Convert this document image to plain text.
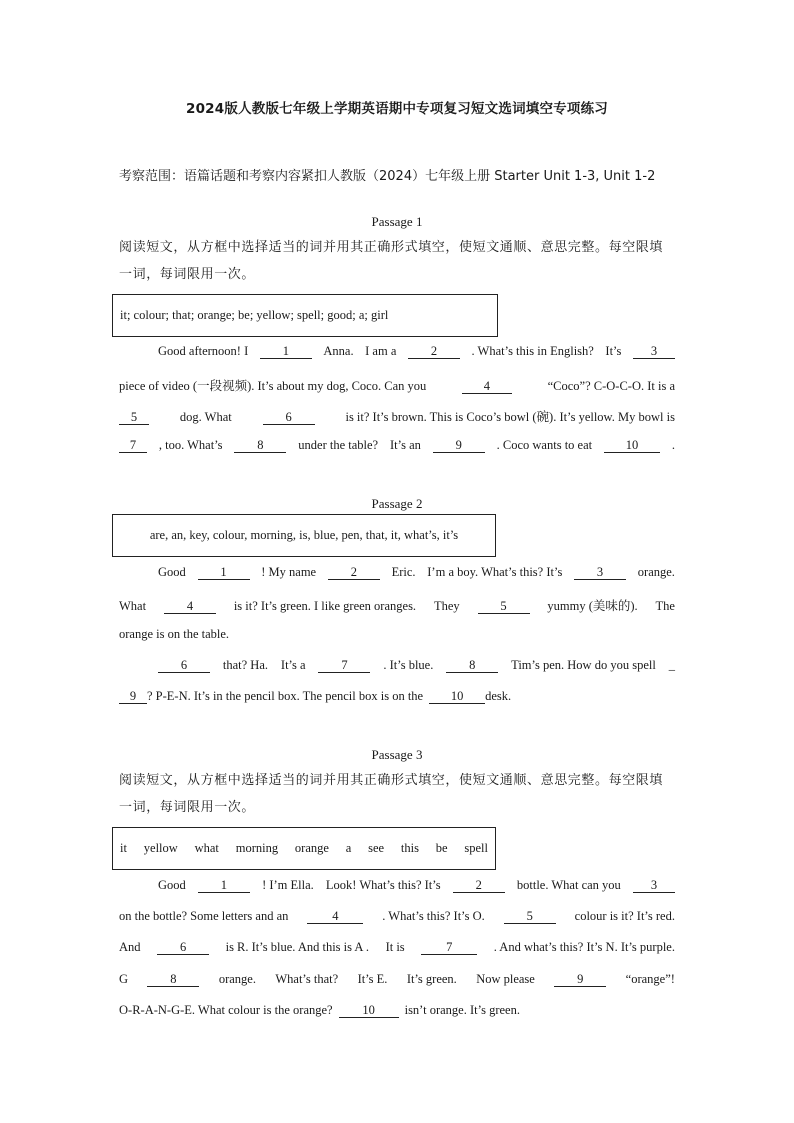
2024版人教版七年级上学期英语期中专项复习短文选词填空专项练习
考察范围：语篇话题和考察内容紧扣人教版（2024）七年级上册 Starter Unit 1-3, Unit 1-2
Passage 1
阅读短文，从方框中选择适当的词并用其正确形式填空，使短文通顺、意思完整。每空限填
一词，每词限用一次。
it; colour; that; orange; be; yellow; spell; good; a; girl
Good afternoon! I	1	Anna. I am a	2	. What’s this in English? It’s	3
piece of video (一段视频). It’s about my dog, Coco. Can you	4	“Coco”? C-O-C-O. It is a
5	dog. What	6	is it? It’s brown. This is Coco’s bowl (碗). It’s yellow. My bowl is
7	, too. What’s	8	under the table? It’s an	9	. Coco wants to eat	10	.
Passage 2
are, an, key, colour, morning, is, blue, pen, that, it, what’s, it’s
Good	1	! My name	2	Eric. I’m a boy. What’s this? It’s	3	orange.
What	4	is it? It’s green. I like green oranges. They	5	yummy (美味的). The
orange is on the table.
6	that? Ha. It’s a	7	. It’s blue.	8	Tim’s pen. How do you spell _
9 ? P-E-N. It’s in the pencil box. The pencil box is on the	10	desk.
Passage 3
阅读短文，从方框中选择适当的词并用其正确形式填空，使短文通顺、意思完整。每空限填
一词，每词限用一次。
it yellow what morning orange a see this be spell
Good	1	! I’m Ella. Look! What’s this? It’s	2	bottle. What can you	3
on the bottle? Some letters and an	4	. What’s this? It’s O.	5	colour is it? It’s red.
And	6	is R. It’s blue. And this is A . It is	7	. And what’s this? It’s N. It’s purple.
G	8	orange. What’s that? It’s E. It’s green. Now please	9	“orange”!
O-R-A-N-G-E. What colour is the orange?	10	isn’t orange. It’s green.
